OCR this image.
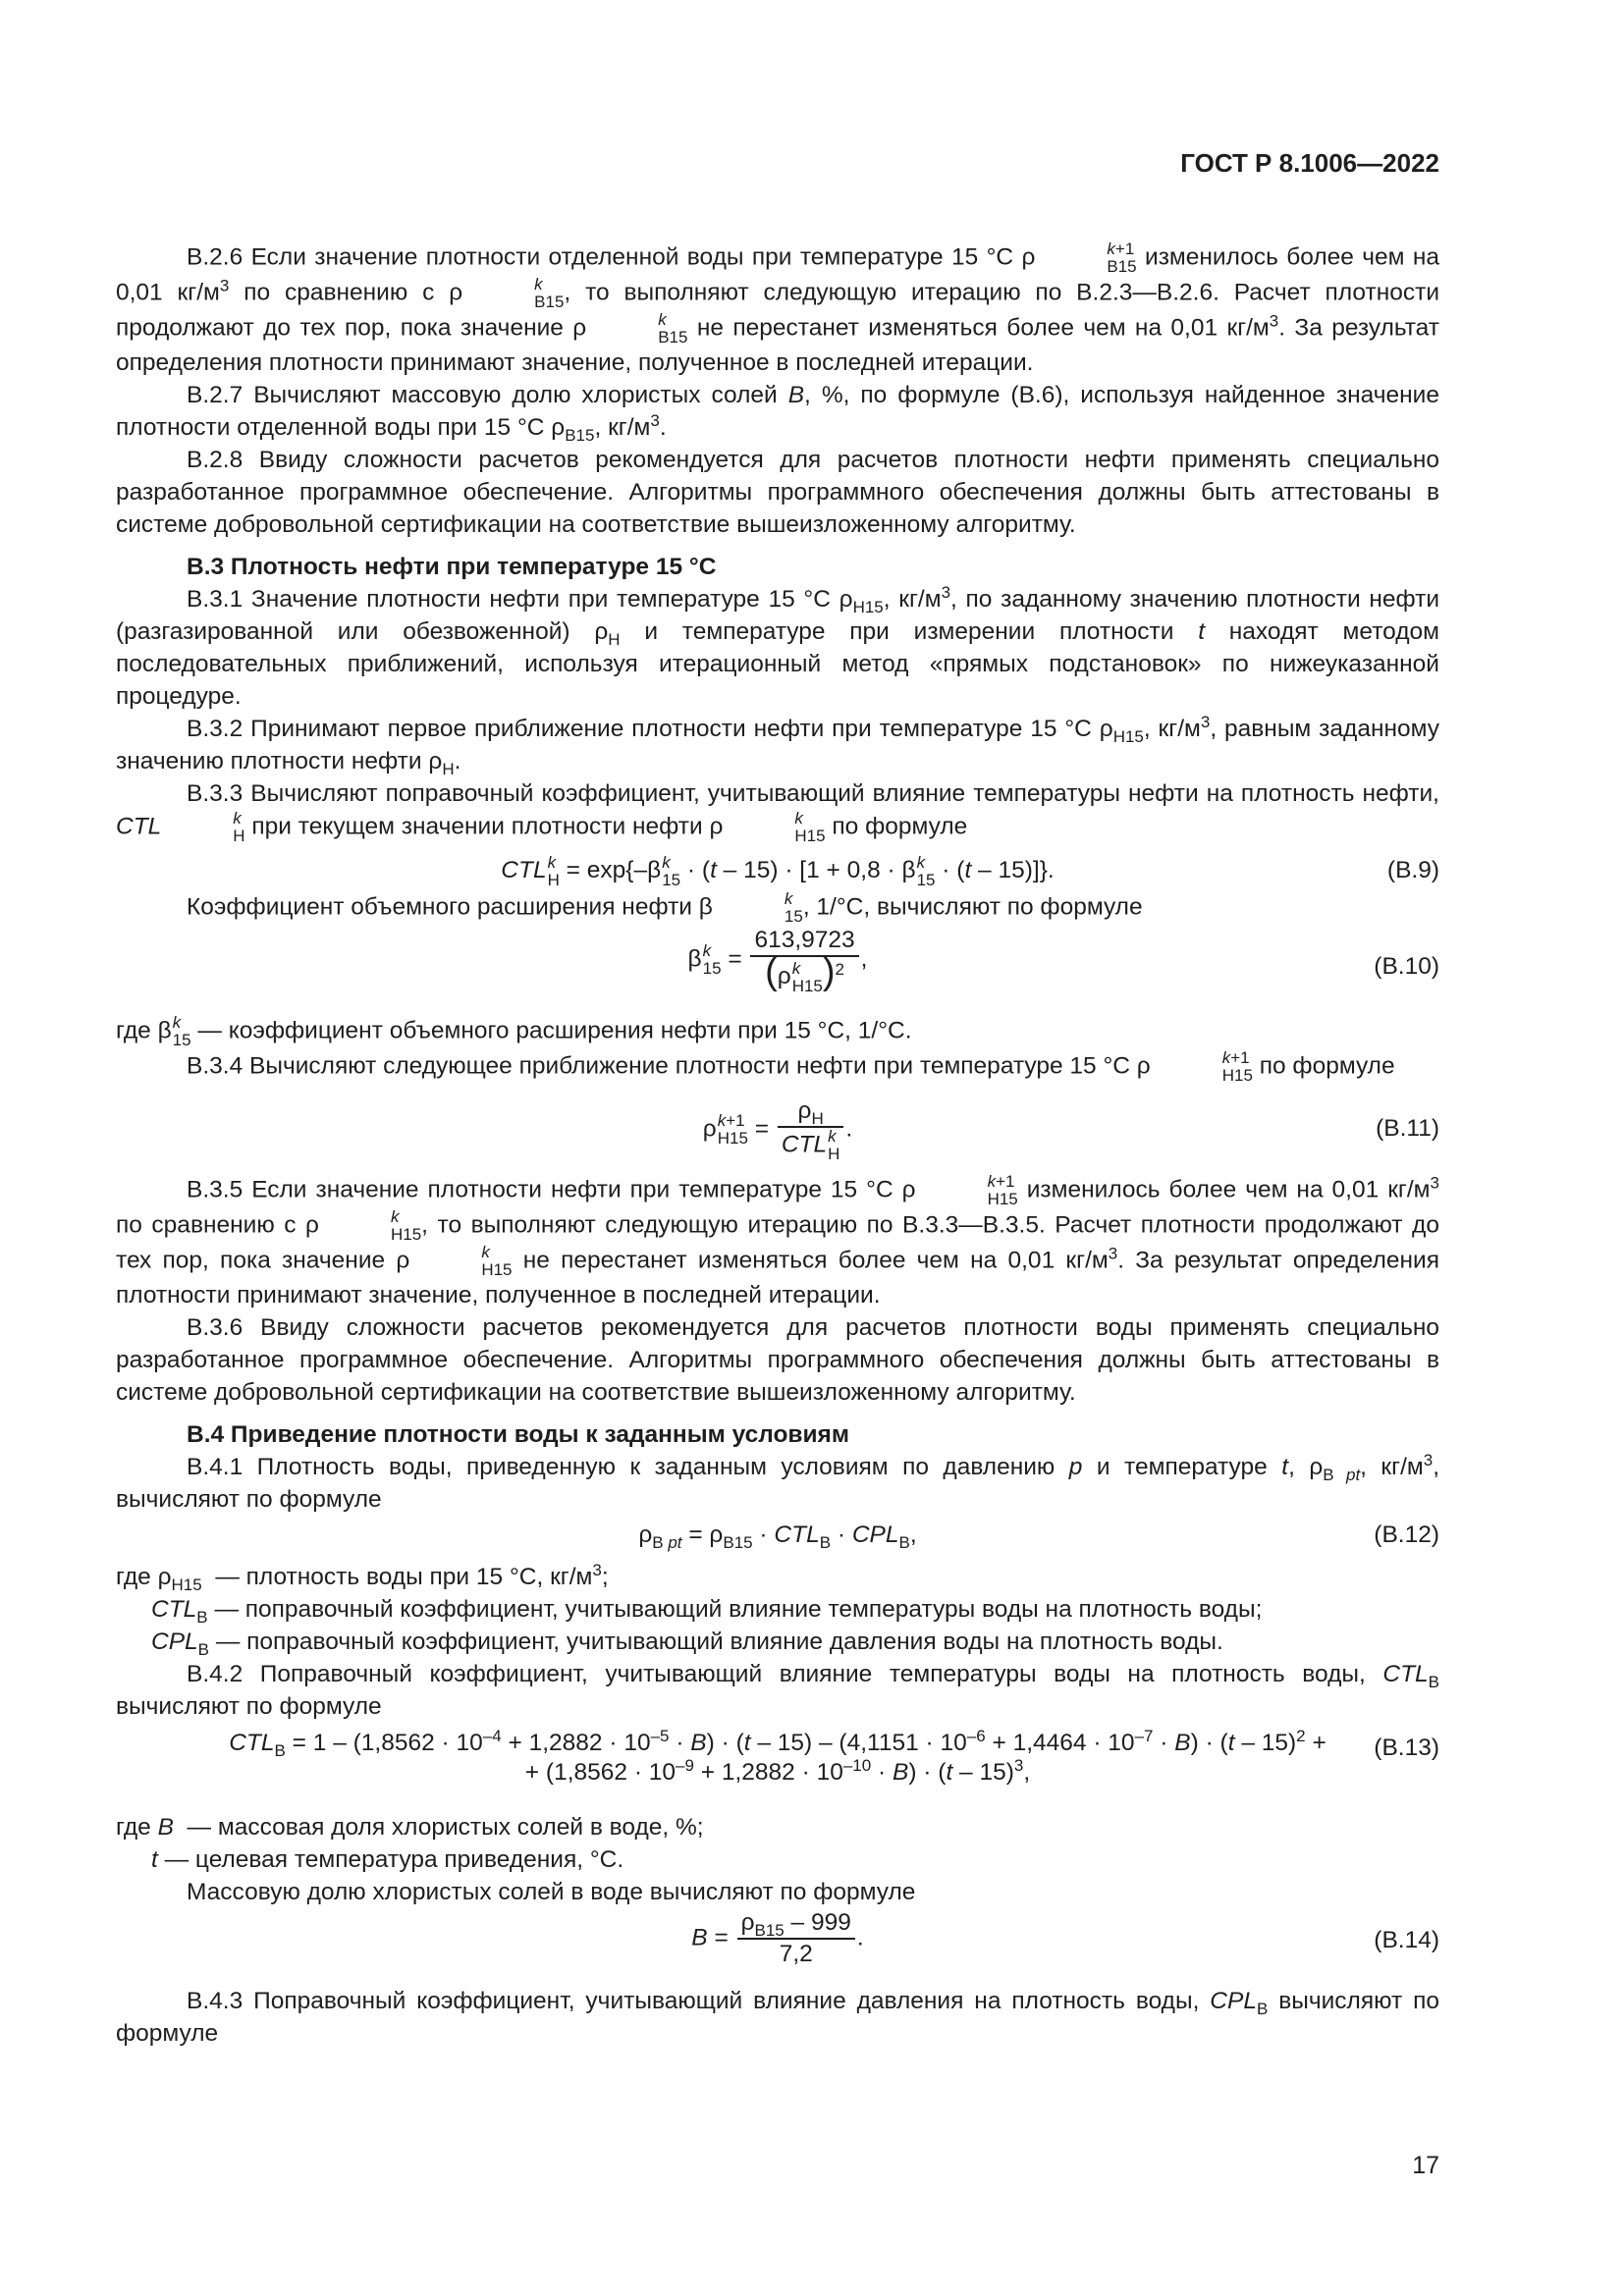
ГОСТ Р 8.1006—2022

В.2.6 Если значение плотности отделенной воды при температуре 15 °С ρ	k+1
В15 изменилось более чем на 0,01 $кг/м^3$ по сравнению с ρ	k
В15 , то выполняют следующую итерацию по В.2.3—В.2.6. Расчет плотности продолжают до тех пор, пока значение ρ	k
В15 не перестанет изменяться более чем на 0,01 $кг/м^3$. За результат определения плотности принимают значение, полученное в последней итерации.

В.2.7 Вычисляют массовую долю хлористых солей В, %, по формуле (В.6), используя найденное значение плотности отделенной воды при 15 °С $\rho_{В15}$, $кг/м^3$.

В.2.8 Ввиду сложности расчетов рекомендуется для расчетов плотности нефти применять специально разработанное программное обеспечение. Алгоритмы программного обеспечения должны быть аттестованы в системе добровольной сертификации на соответствие вышеизложенному алгоритму.

В.3 Плотность нефти при температуре 15 °С

В.3.1 Значение плотности нефти при температуре 15 °С $\rho_{Н15}$, $кг/м^3$, по заданному значению плотности нефти (разгазированной или обезвоженной) $\rho_Н$ и температуре при измерении плотности t находят методом последовательных приближений, используя итерационный метод «прямых подстановок» по нижеуказанной процедуре.

В.3.2 Принимают первое приближение плотности нефти при температуре 15 °С $\rho_{Н15}$, $кг/м^3$, равным заданному значению плотности нефти $\rho_Н$.

В.3.3 Вычисляют поправочный коэффициент, учитывающий влияние температуры нефти на плотность нефти, CTL	k
Н при текущем значении плотности нефти ρ	k
Н15 по формуле

CTL k
Н = exp{–β k
15 · (t – 15) · [1 + 0,8 · β k
15 · (t – 15)]}.	(В.9)

Коэффициент объемного расширения нефти β	k
15 , 1/°С, вычисляют по формуле

β k
15 = 613,9723
(ρ k
Н15 )$^2$ ,	(В.10)

где β k
15 — коэффициент объемного расширения нефти при 15 °С, 1/°С.

В.3.4 Вычисляют следующее приближение плотности нефти при температуре 15 °С ρ	k+1
Н15 по формуле

ρ k+1
$Н15 = \rho_Н$
CTL k
Н .	(В.11)

В.3.5 Если значение плотности нефти при температуре 15 °С ρ	k+1
Н15 изменилось более чем на 0,01 $кг/м^3$ по сравнению с ρ	k
Н15 , то выполняют следующую итерацию по В.3.3—В.3.5. Расчет плотности продолжают до тех пор, пока значение ρ	k
Н15 не перестанет изменяться более чем на 0,01 $кг/м^3$. За результат определения плотности принимают значение, полученное в последней итерации.

В.3.6 Ввиду сложности расчетов рекомендуется для расчетов плотности воды применять специально разработанное программное обеспечение. Алгоритмы программного обеспечения должны быть аттестованы в системе добровольной сертификации на соответствие вышеизложенному алгоритму.

В.4 Приведение плотности воды к заданным условиям

В.4.1 Плотность воды, приведенную к заданным условиям по давлению p и температуре t, $\rho_{В pt}$, $кг/м^3$, вычисляют по формуле

$\rho_{В pt} = \rho_{В15} \cdot CTL_В \cdot CPL_В$,	(В.12)
где $\rho_{Н15}$ — плотность воды при 15 °С, $кг/м^3$;
$CTL_В$ — поправочный коэффициент, учитывающий влияние температуры воды на плотность воды;
$CPL_В$ — поправочный коэффициент, учитывающий влияние давления воды на плотность воды.

В.4.2 Поправочный коэффициент, учитывающий влияние температуры воды на плотность воды, $CTL_В$ вычисляют по формуле

$CTL_В = 1 - (1,8562 \cdot 10^{-4} + 1,2882 \cdot 10^{-5} \cdot В) \cdot (t - 15) - (4,1151 \cdot 10^{-6} + 1,4464 \cdot 10^{-7} \cdot В) \cdot (t - 15)^2$ +
+ $(1,8562 \cdot 10^{-9} + 1,2882 \cdot 10^{-10} \cdot В) \cdot (t - 15)^3$,
(В.13)
где В — массовая доля хлористых солей в воде, %;
t — целевая температура приведения, °С.

Массовую долю хлористых солей в воде вычисляют по формуле

$В = \frac{\rho_{В15} - 999}{7,2}$ .	(В.14)

В.4.3 Поправочный коэффициент, учитывающий влияние давления на плотность воды, $CPL_В$ вычисляют по формуле

17
